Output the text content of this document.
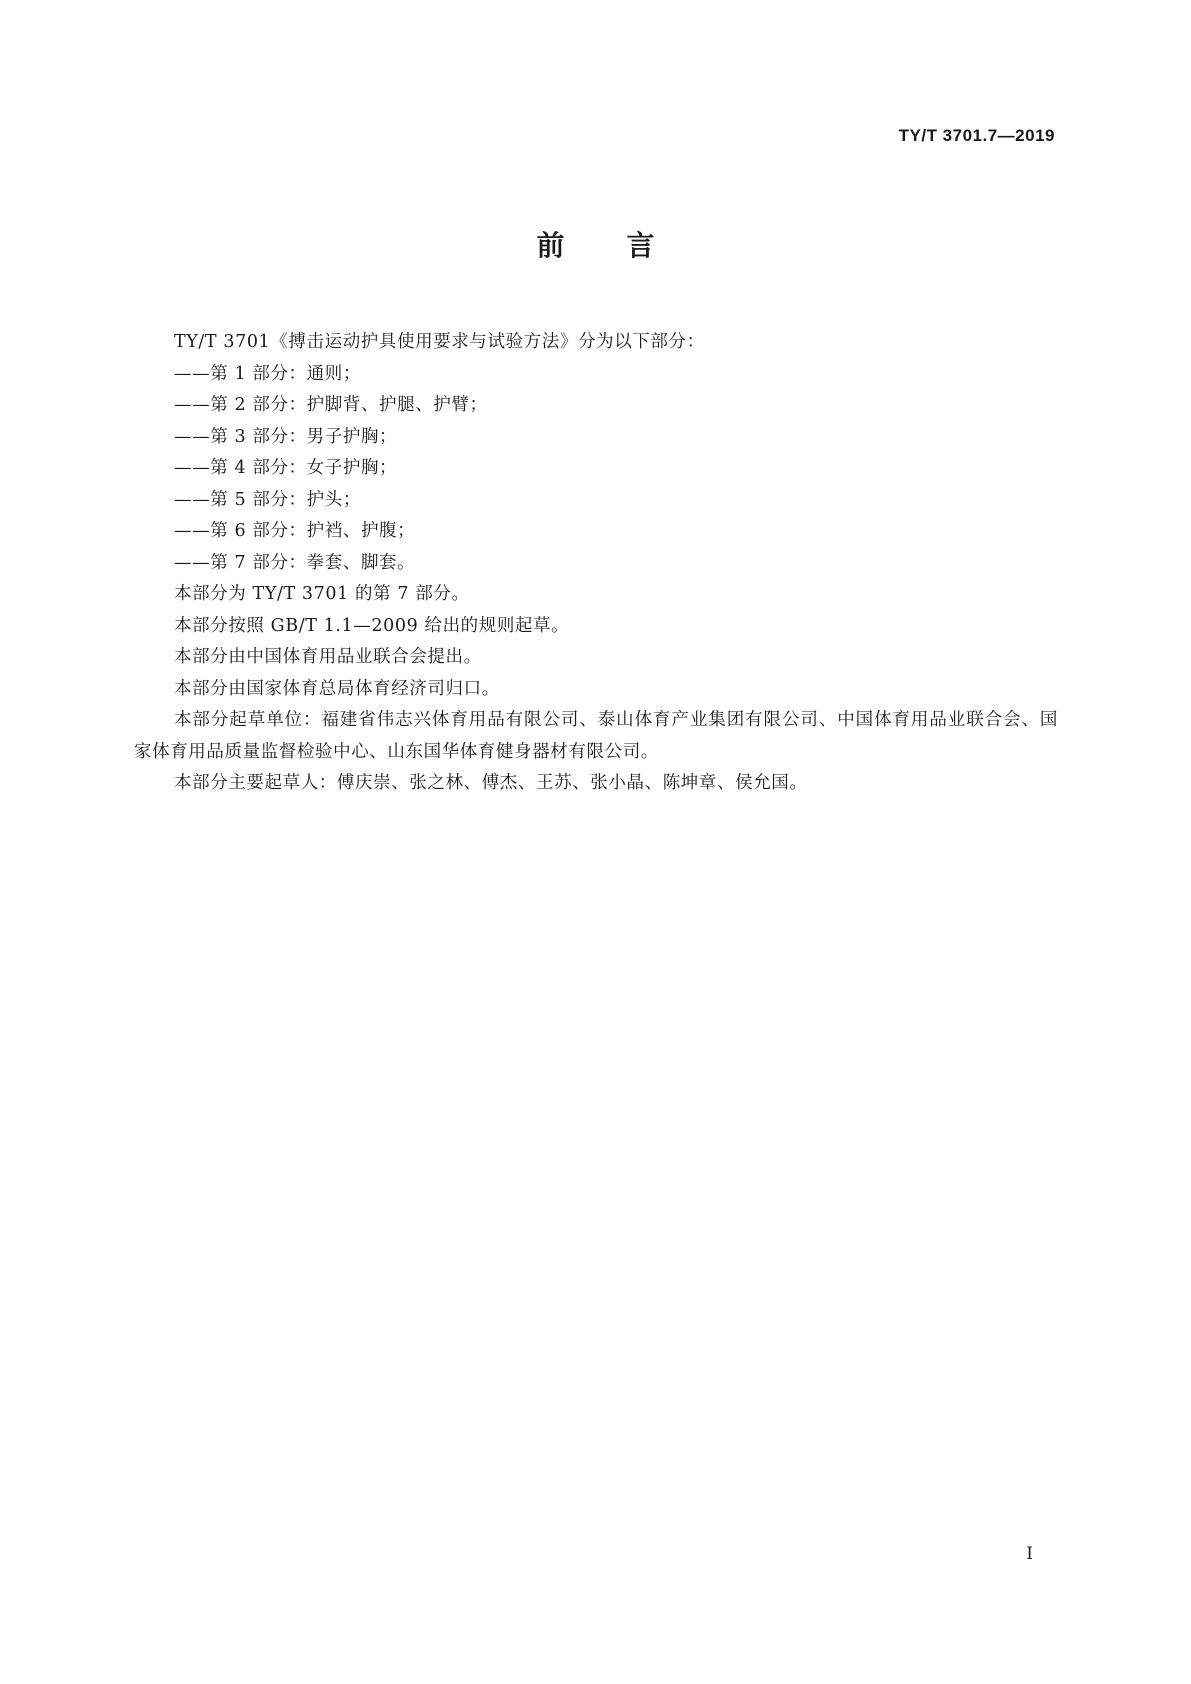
TY/T 3701.7—2019
前言

TY/T 3701《搏击运动护具使用要求与试验方法》分为以下部分：

——第 1 部分：通则；

——第 2 部分：护脚背、护腿、护臂；

——第 3 部分：男子护胸；

——第 4 部分：女子护胸；

——第 5 部分：护头；

——第 6 部分：护裆、护腹；

——第 7 部分：拳套、脚套。

本部分为 TY/T 3701 的第 7 部分。

本部分按照 GB/T 1.1—2009 给出的规则起草。

本部分由中国体育用品业联合会提出。

本部分由国家体育总局体育经济司归口。

本部分起草单位：福建省伟志兴体育用品有限公司、泰山体育产业集团有限公司、中国体育用品业联合会、国家体育用品质量监督检验中心、山东国华体育健身器材有限公司。

本部分主要起草人：傅庆崇、张之林、傅杰、王苏、张小晶、陈坤章、侯允国。

I
